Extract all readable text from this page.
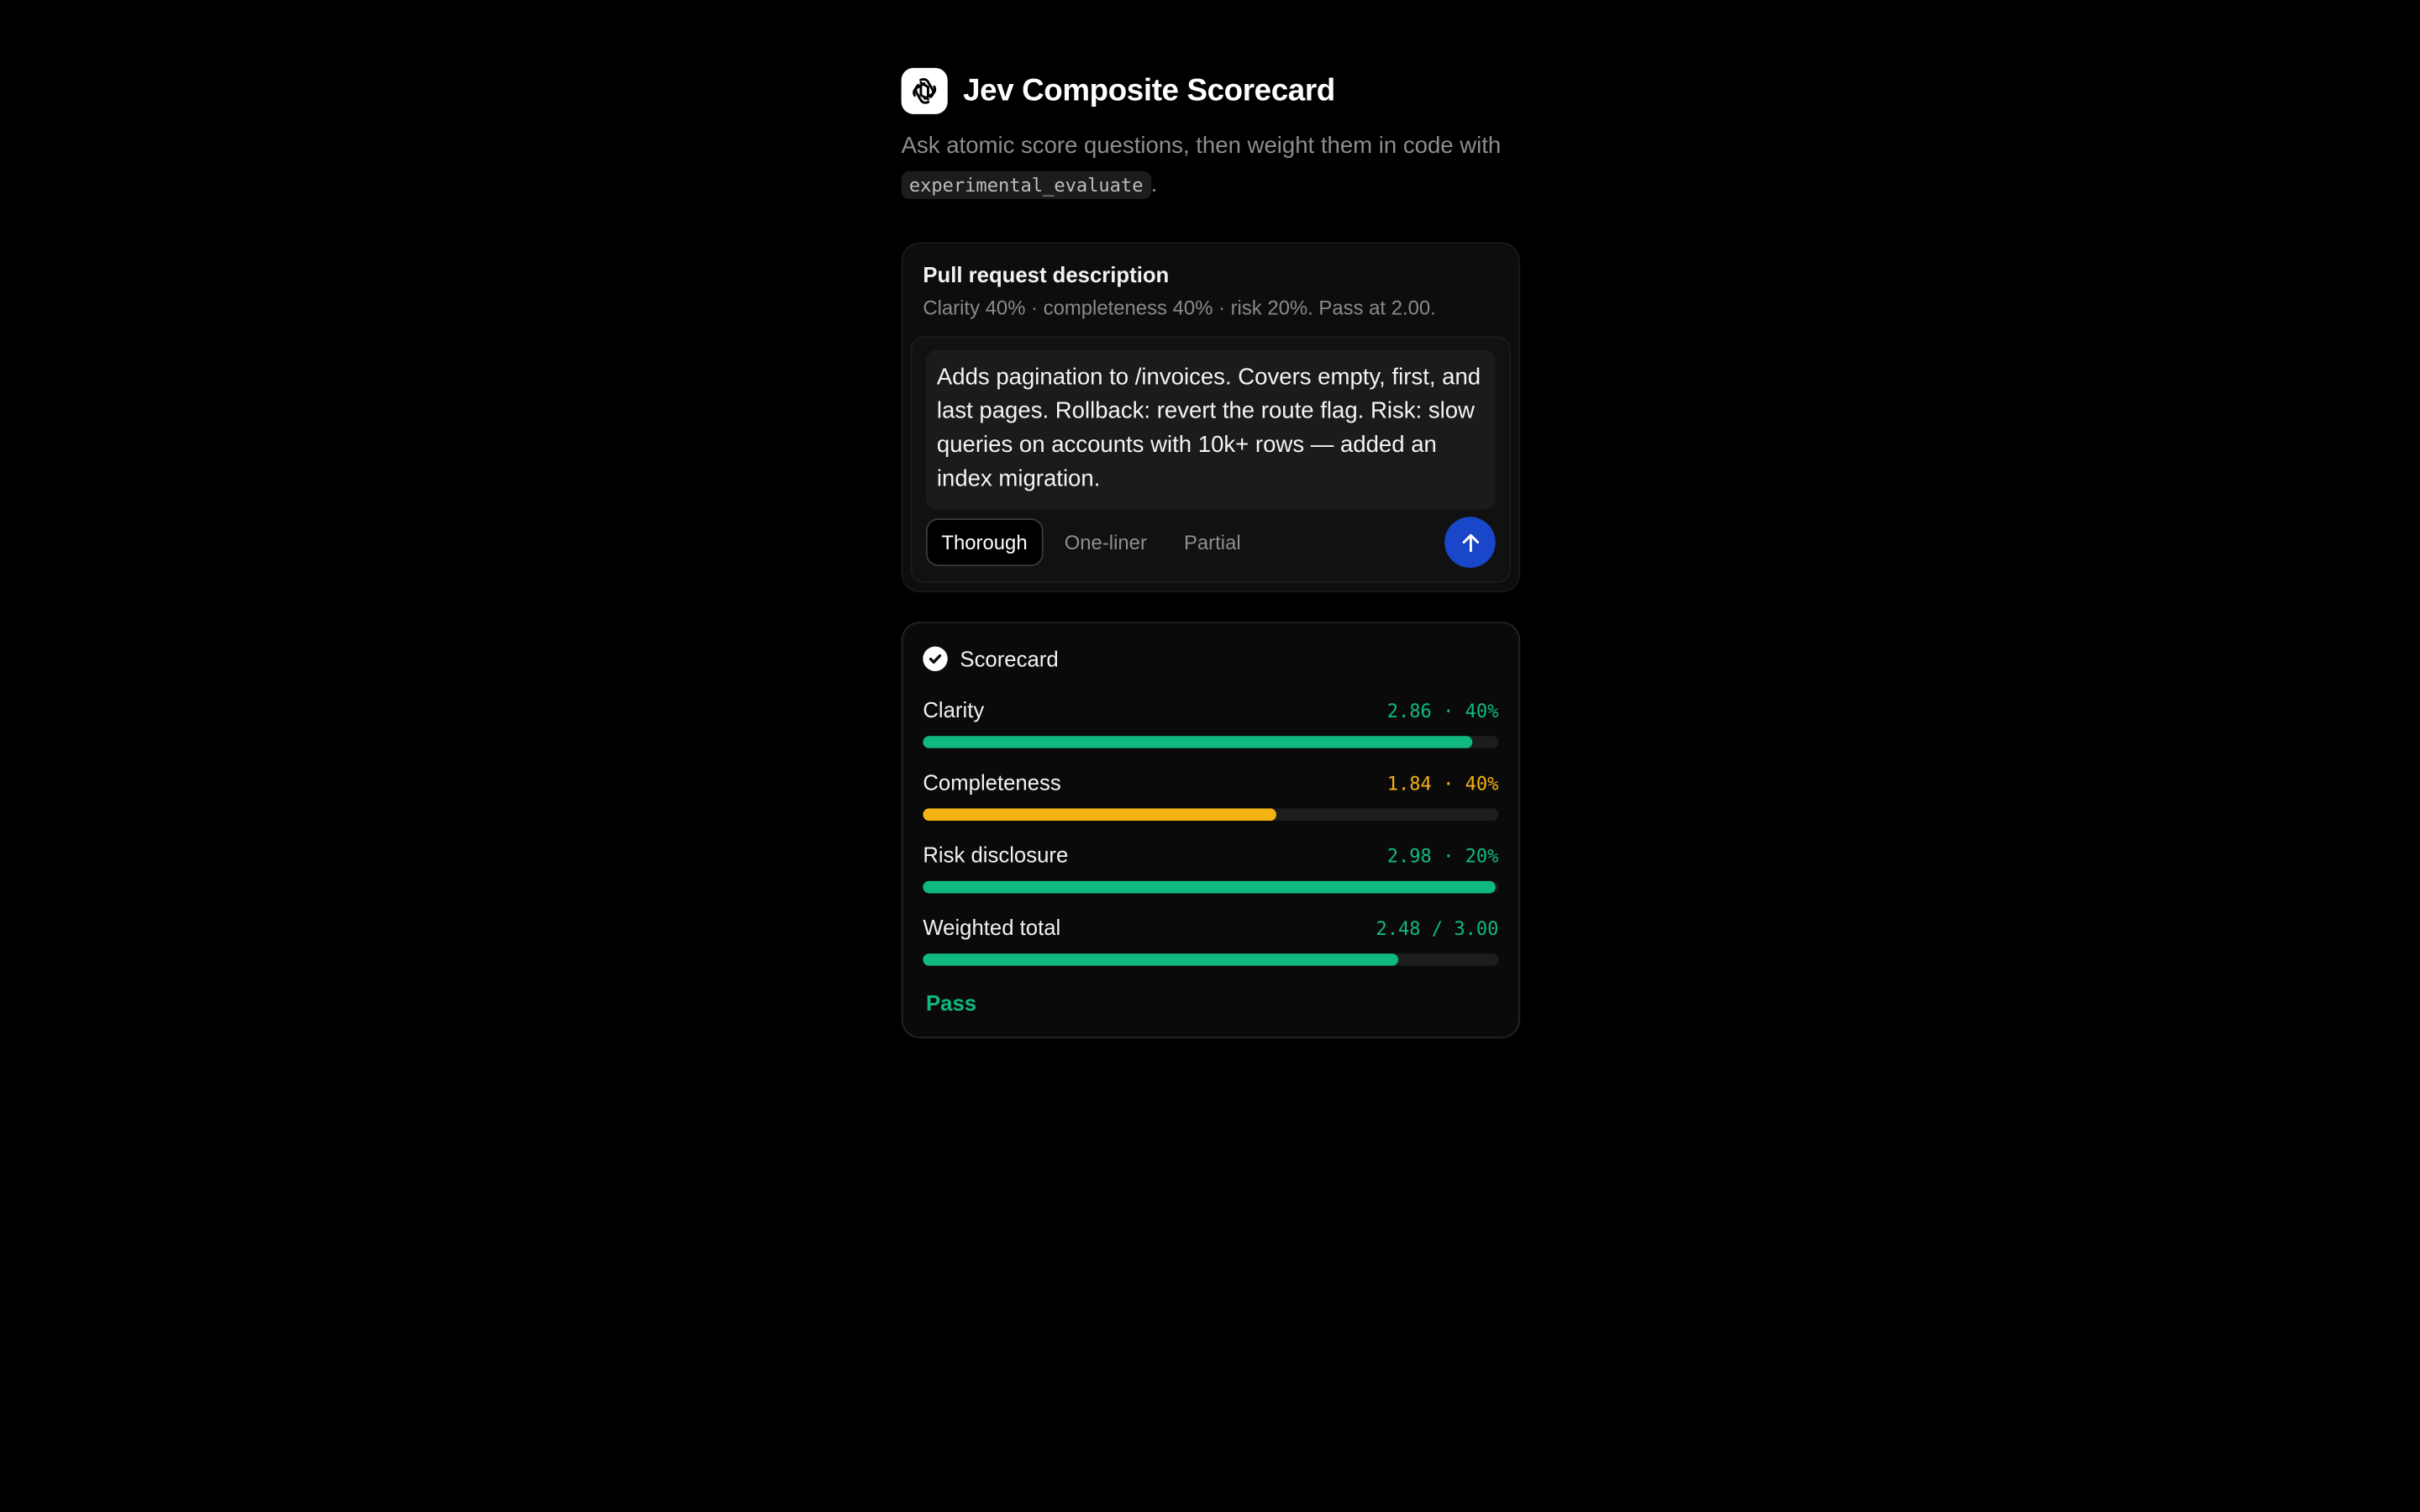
Jev Composite Scorecard
Ask atomic score questions, then weight them in code with experimental_evaluate .
Pull request description
Clarity 40% · completeness 40% · risk 20%. Pass at 2.00.
Adds pagination to /invoices. Covers empty, first, and last pages. Rollback: revert the route flag. Risk: slow queries on accounts with 10k+ rows — added an index migration.
Thorough	One-liner	Partial
Scorecard
Clarity	2.86 · 40%
Completeness	1.84 · 40%
Risk disclosure	2.98 · 20%
Weighted total	2.48 / 3.00
Pass
